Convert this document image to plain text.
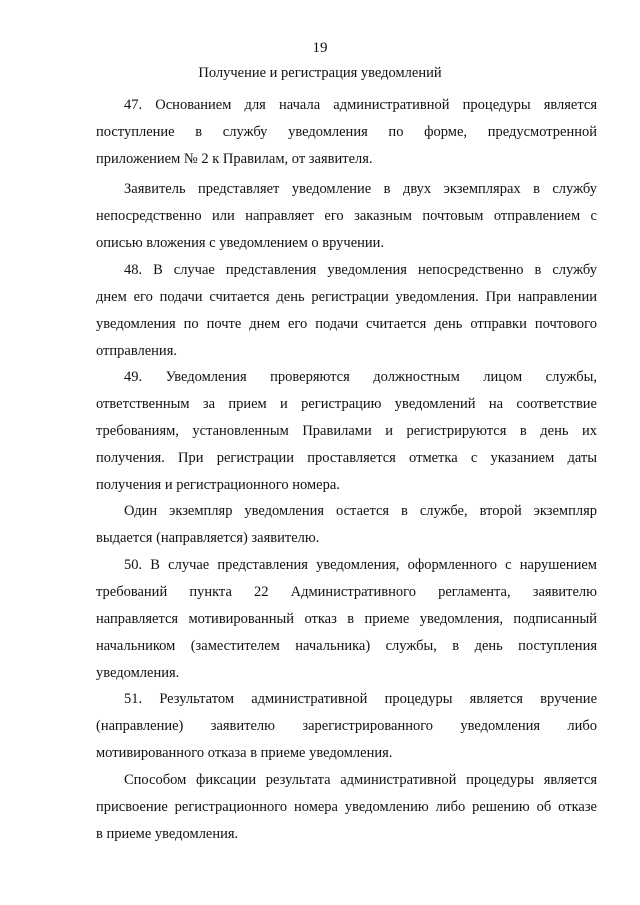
19
Получение и регистрация уведомлений
47. Основанием для начала административной процедуры является
поступление в службу уведомления по форме, предусмотренной
приложением № 2 к Правилам, от заявителя.
Заявитель представляет уведомление в двух экземплярах в службу
непосредственно или направляет его заказным почтовым отправлением с
описью вложения с уведомлением о вручении.
48. В случае представления уведомления непосредственно в службу
днем его подачи считается день регистрации уведомления. При направлении
уведомления по почте днем его подачи считается день отправки почтового
отправления.
49. Уведомления проверяются должностным лицом службы,
ответственным за прием и регистрацию уведомлений на соответствие
требованиям, установленным Правилами и регистрируются в день их
получения. При регистрации проставляется отметка с указанием даты
получения и регистрационного номера.
Один экземпляр уведомления остается в службе, второй экземпляр
выдается (направляется) заявителю.
50. В случае представления уведомления, оформленного с нарушением
требований пункта 22 Административного регламента, заявителю
направляется мотивированный отказ в приеме уведомления, подписанный
начальником (заместителем начальника) службы, в день поступления
уведомления.
51. Результатом административной процедуры является вручение
(направление) заявителю зарегистрированного уведомления либо
мотивированного отказа в приеме уведомления.
Способом фиксации результата административной процедуры является
присвоение регистрационного номера уведомлению либо решению об отказе
в приеме уведомления.
